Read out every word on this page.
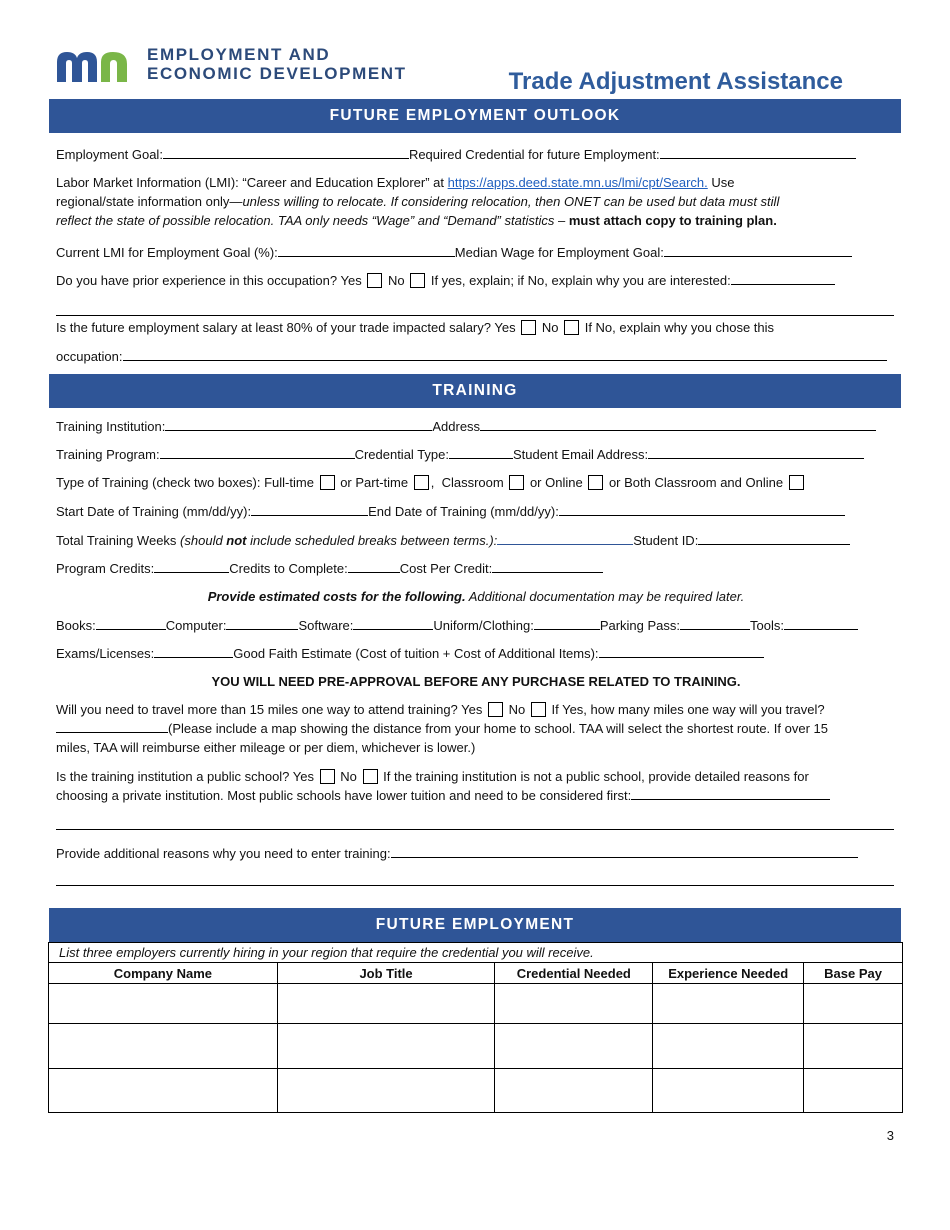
EMPLOYMENT AND
ECONOMIC DEVELOPMENT	Trade Adjustment Assistance
FUTURE EMPLOYMENT OUTLOOK
Employment Goal:	Required Credential for future Employment:
Labor Market Information (LMI): “Career and Education Explorer” at https://apps.deed.state.mn.us/lmi/cpt/Search. Use
regional/state information only—unless willing to relocate. If considering relocation, then ONET can be used but data must still
reflect the state of possible relocation. TAA only needs “Wage” and “Demand” statistics – must attach copy to training plan.
Current LMI for Employment Goal (%):	Median Wage for Employment Goal:
Do you have prior experience in this occupation? Yes No If yes, explain; if No, explain why you are interested:
Is the future employment salary at least 80% of your trade impacted salary? Yes No If No, explain why you chose this
occupation:
TRAINING
Training Institution:	Address
Training Program:	Credential Type:	Student Email Address:
Type of Training (check two boxes): Full-time or Part-time ,  Classroom or Online or Both Classroom and Online
Start Date of Training (mm/dd/yy):	End Date of Training (mm/dd/yy):
Total Training Weeks (should not include scheduled breaks between terms.):	Student ID:
Program Credits:	Credits to Complete:	Cost Per Credit:
Provide estimated costs for the following. Additional documentation may be required later.
Books:	Computer:	Software:	Uniform/Clothing:	Parking Pass:	Tools:
Exams/Licenses:	Good Faith Estimate (Cost of tuition + Cost of Additional Items):
YOU WILL NEED PRE-APPROVAL BEFORE ANY PURCHASE RELATED TO TRAINING.
Will you need to travel more than 15 miles one way to attend training? Yes No If Yes, how many miles one way will you travel?
(Please include a map showing the distance from your home to school. TAA will select the shortest route. If over 15
miles, TAA will reimburse either mileage or per diem, whichever is lower.)
Is the training institution a public school? Yes No If the training institution is not a public school, provide detailed reasons for
choosing a private institution. Most public schools have lower tuition and need to be considered first:
Provide additional reasons why you need to enter training:
FUTURE EMPLOYMENT
List three employers currently hiring in your region that require the credential you will receive.				
Company Name	Job Title	Credential Needed	Experience Needed	Base Pay

3
